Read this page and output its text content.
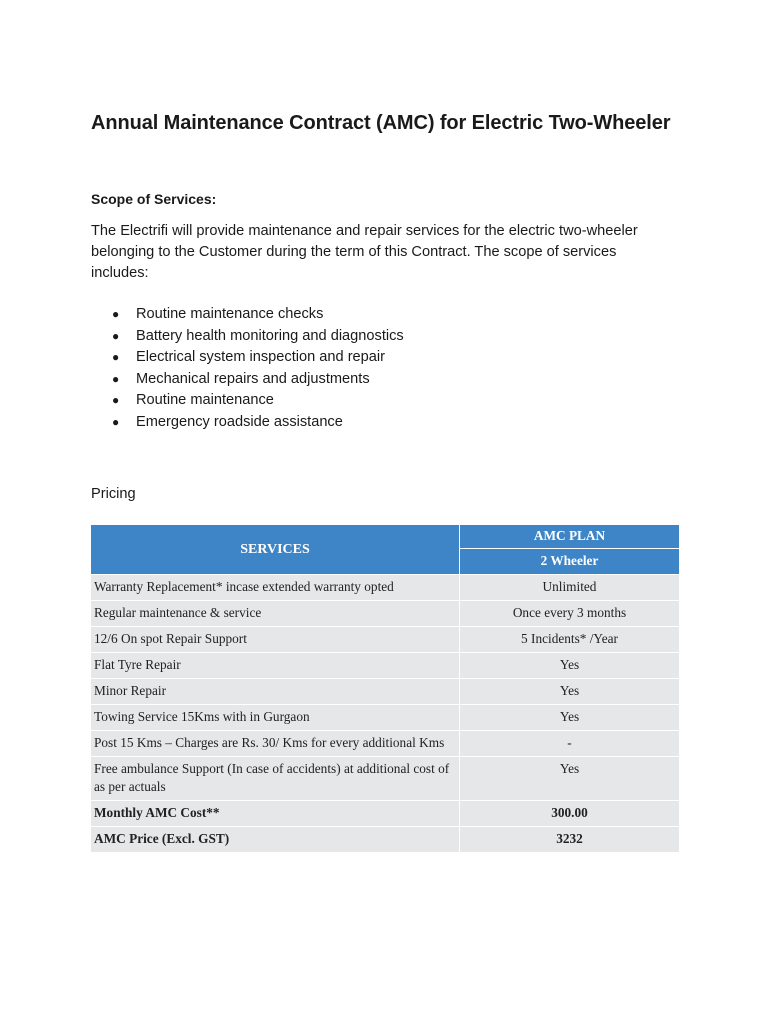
Annual Maintenance Contract (AMC) for Electric Two-Wheeler
Scope of Services:

The Electrifi will provide maintenance and repair services for the electric two-wheeler belonging to the Customer during the term of this Contract. The scope of services includes:

● Routine maintenance checks
● Battery health monitoring and diagnostics
● Electrical system inspection and repair
● Mechanical repairs and adjustments
● Routine maintenance
● Emergency roadside assistance

Pricing

SERVICES	AMC PLAN
	2 Wheeler
Warranty Replacement* incase extended warranty opted	Unlimited
Regular maintenance & service	Once every 3 months
12/6 On spot Repair Support	5 Incidents* /Year
Flat Tyre Repair	Yes
Minor Repair	Yes
Towing Service 15Kms with in Gurgaon	Yes
Post 15 Kms – Charges are Rs. 30/ Kms for every additional Kms	-
Free ambulance Support (In case of accidents) at additional cost of as per actuals	Yes
Monthly AMC Cost**	300.00
AMC Price (Excl. GST)	3232
